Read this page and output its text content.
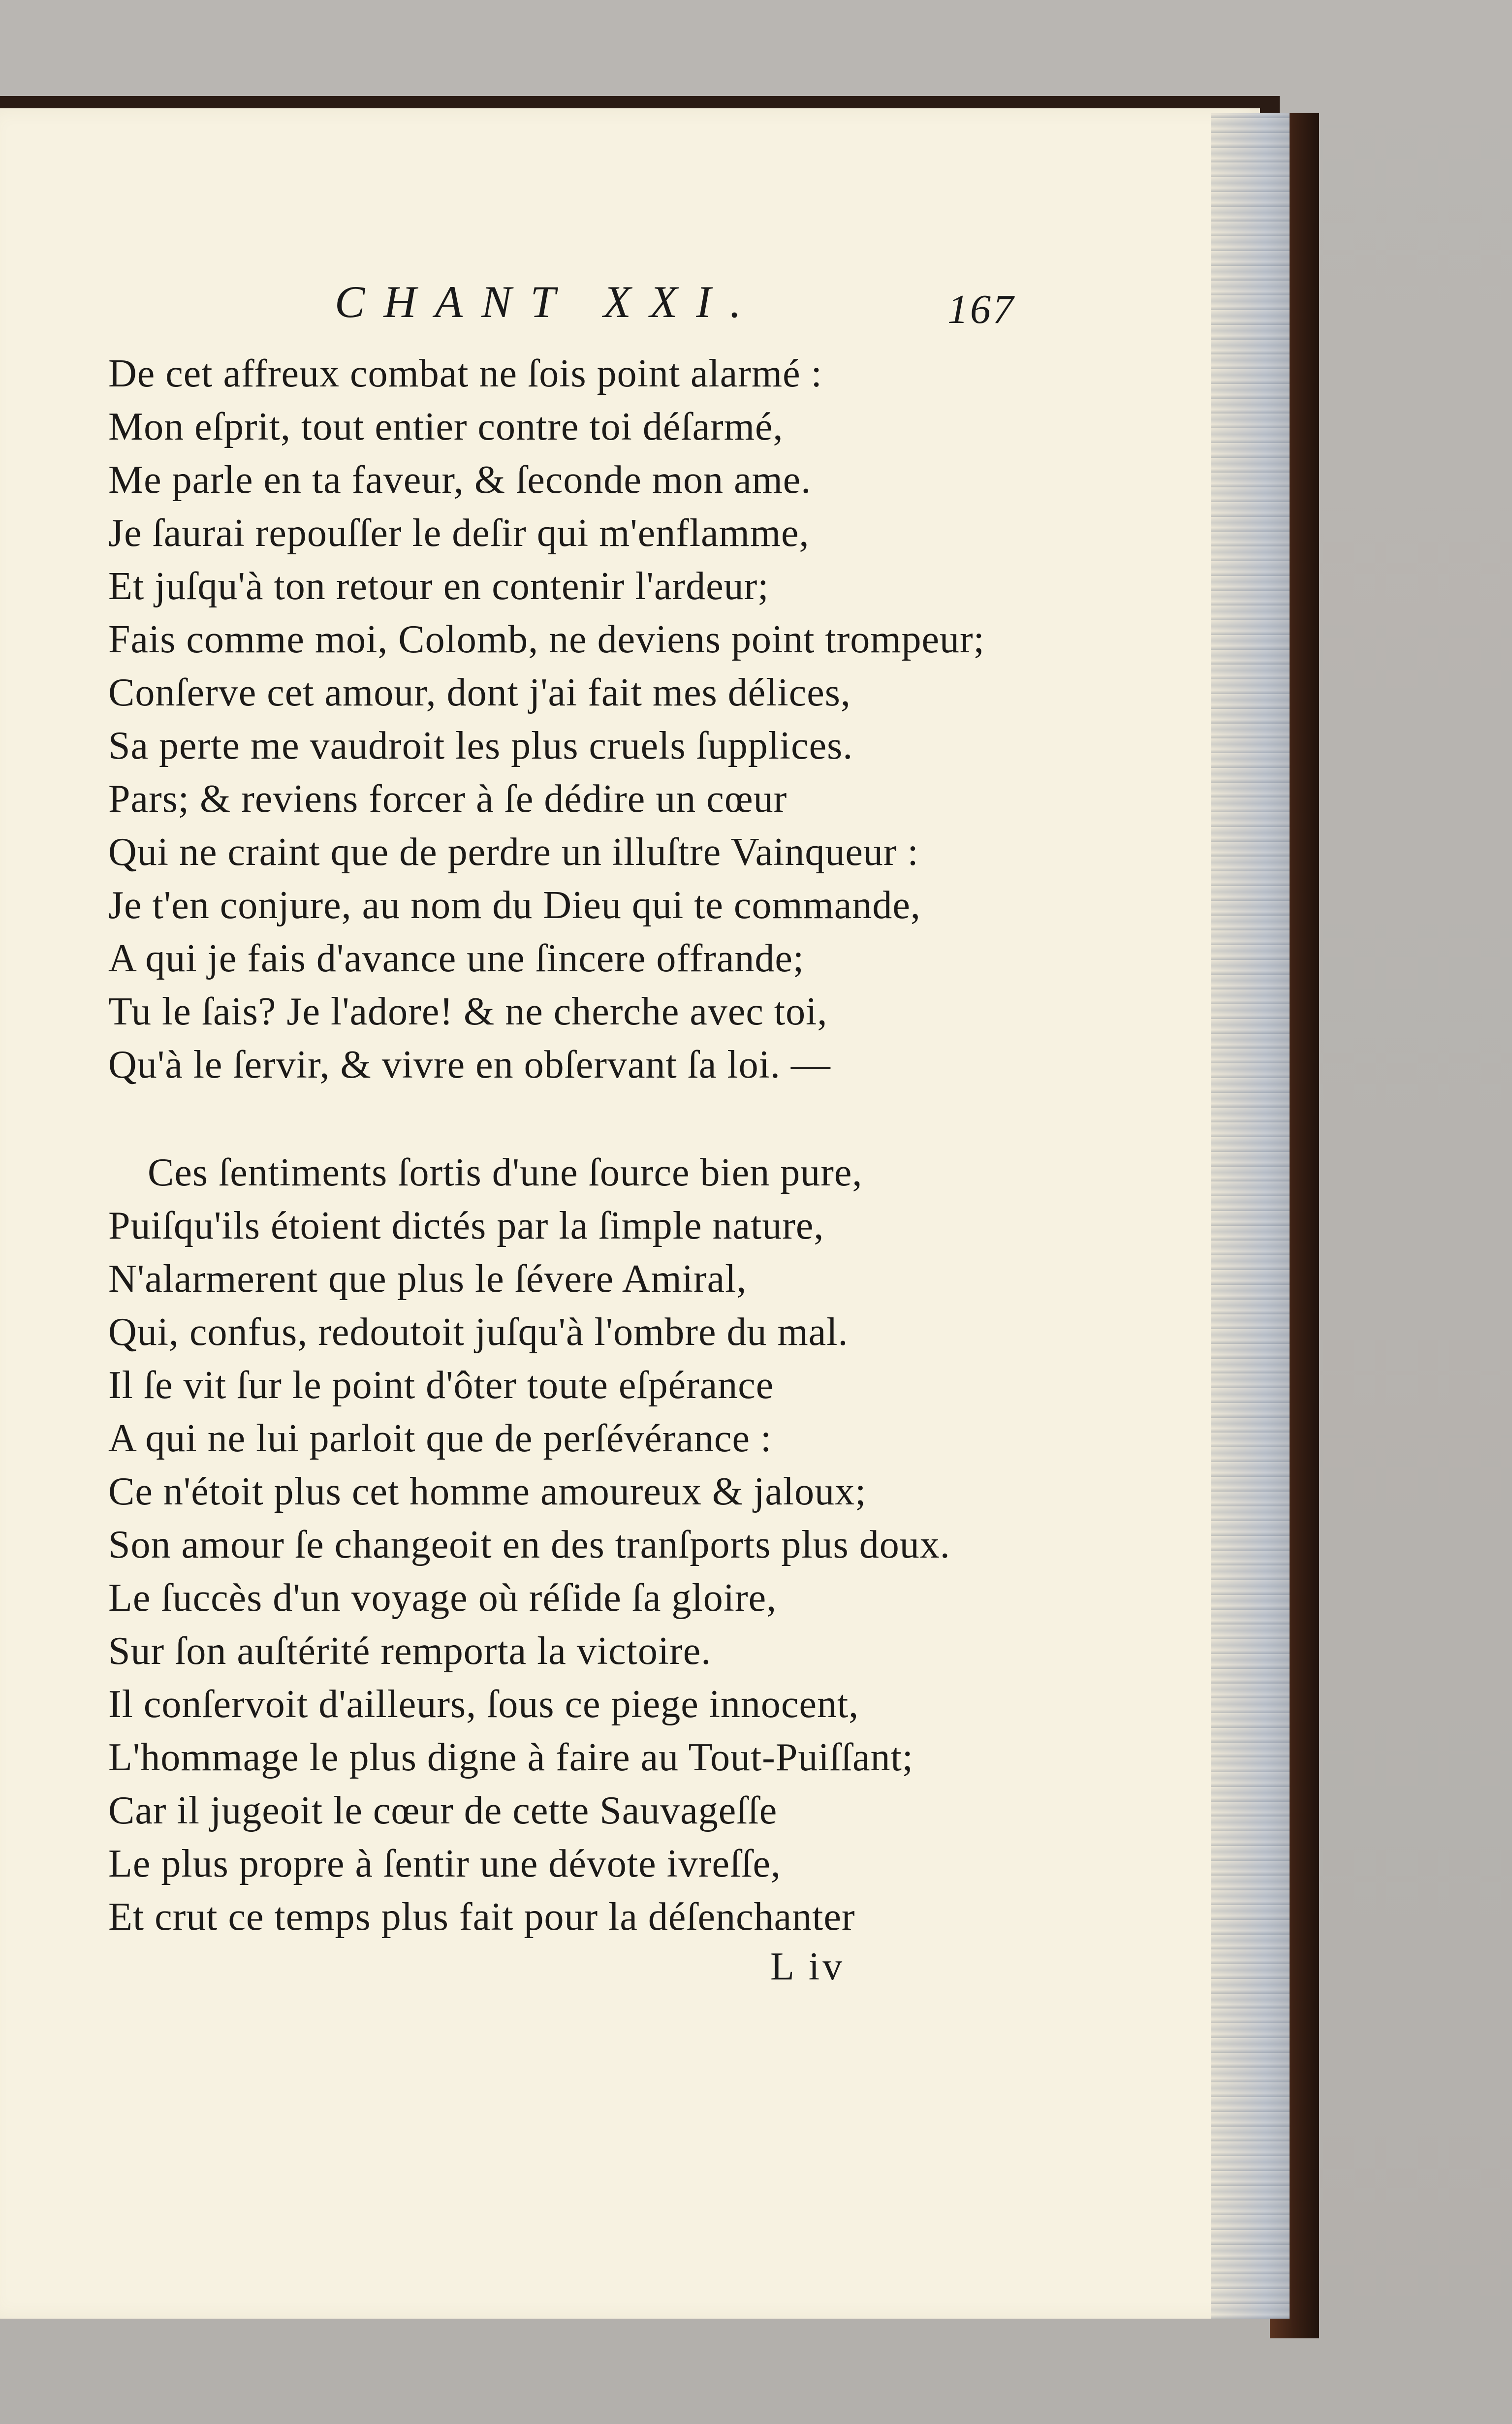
CHANT XXI.	167
De cet affreux combat ne ſois point alarmé :
Mon eſprit, tout entier contre toi déſarmé,
Me parle en ta faveur, & ſeconde mon ame.
Je ſaurai repouſſer le deſir qui m'enflamme,
Et juſqu'à ton retour en contenir l'ardeur;
Fais comme moi, Colomb, ne deviens point trompeur;
Conſerve cet amour, dont j'ai fait mes délices,
Sa perte me vaudroit les plus cruels ſupplices.
Pars; & reviens forcer à ſe dédire un cœur
Qui ne craint que de perdre un illuſtre Vainqueur :
Je t'en conjure, au nom du Dieu qui te commande,
A qui je fais d'avance une ſincere offrande;
Tu le ſais? Je l'adore! & ne cherche avec toi,
Qu'à le ſervir, & vivre en obſervant ſa loi. —
Ces ſentiments ſortis d'une ſource bien pure,
Puiſqu'ils étoient dictés par la ſimple nature,
N'alarmerent que plus le ſévere Amiral,
Qui, confus, redoutoit juſqu'à l'ombre du mal.
Il ſe vit ſur le point d'ôter toute eſpérance
A qui ne lui parloit que de perſévérance :
Ce n'étoit plus cet homme amoureux & jaloux;
Son amour ſe changeoit en des tranſports plus doux.
Le ſuccès d'un voyage où réſide ſa gloire,
Sur ſon auſtérité remporta la victoire.
Il conſervoit d'ailleurs, ſous ce piege innocent,
L'hommage le plus digne à faire au Tout-Puiſſant;
Car il jugeoit le cœur de cette Sauvageſſe
Le plus propre à ſentir une dévote ivreſſe,
Et crut ce temps plus fait pour la déſenchanter
L iv
